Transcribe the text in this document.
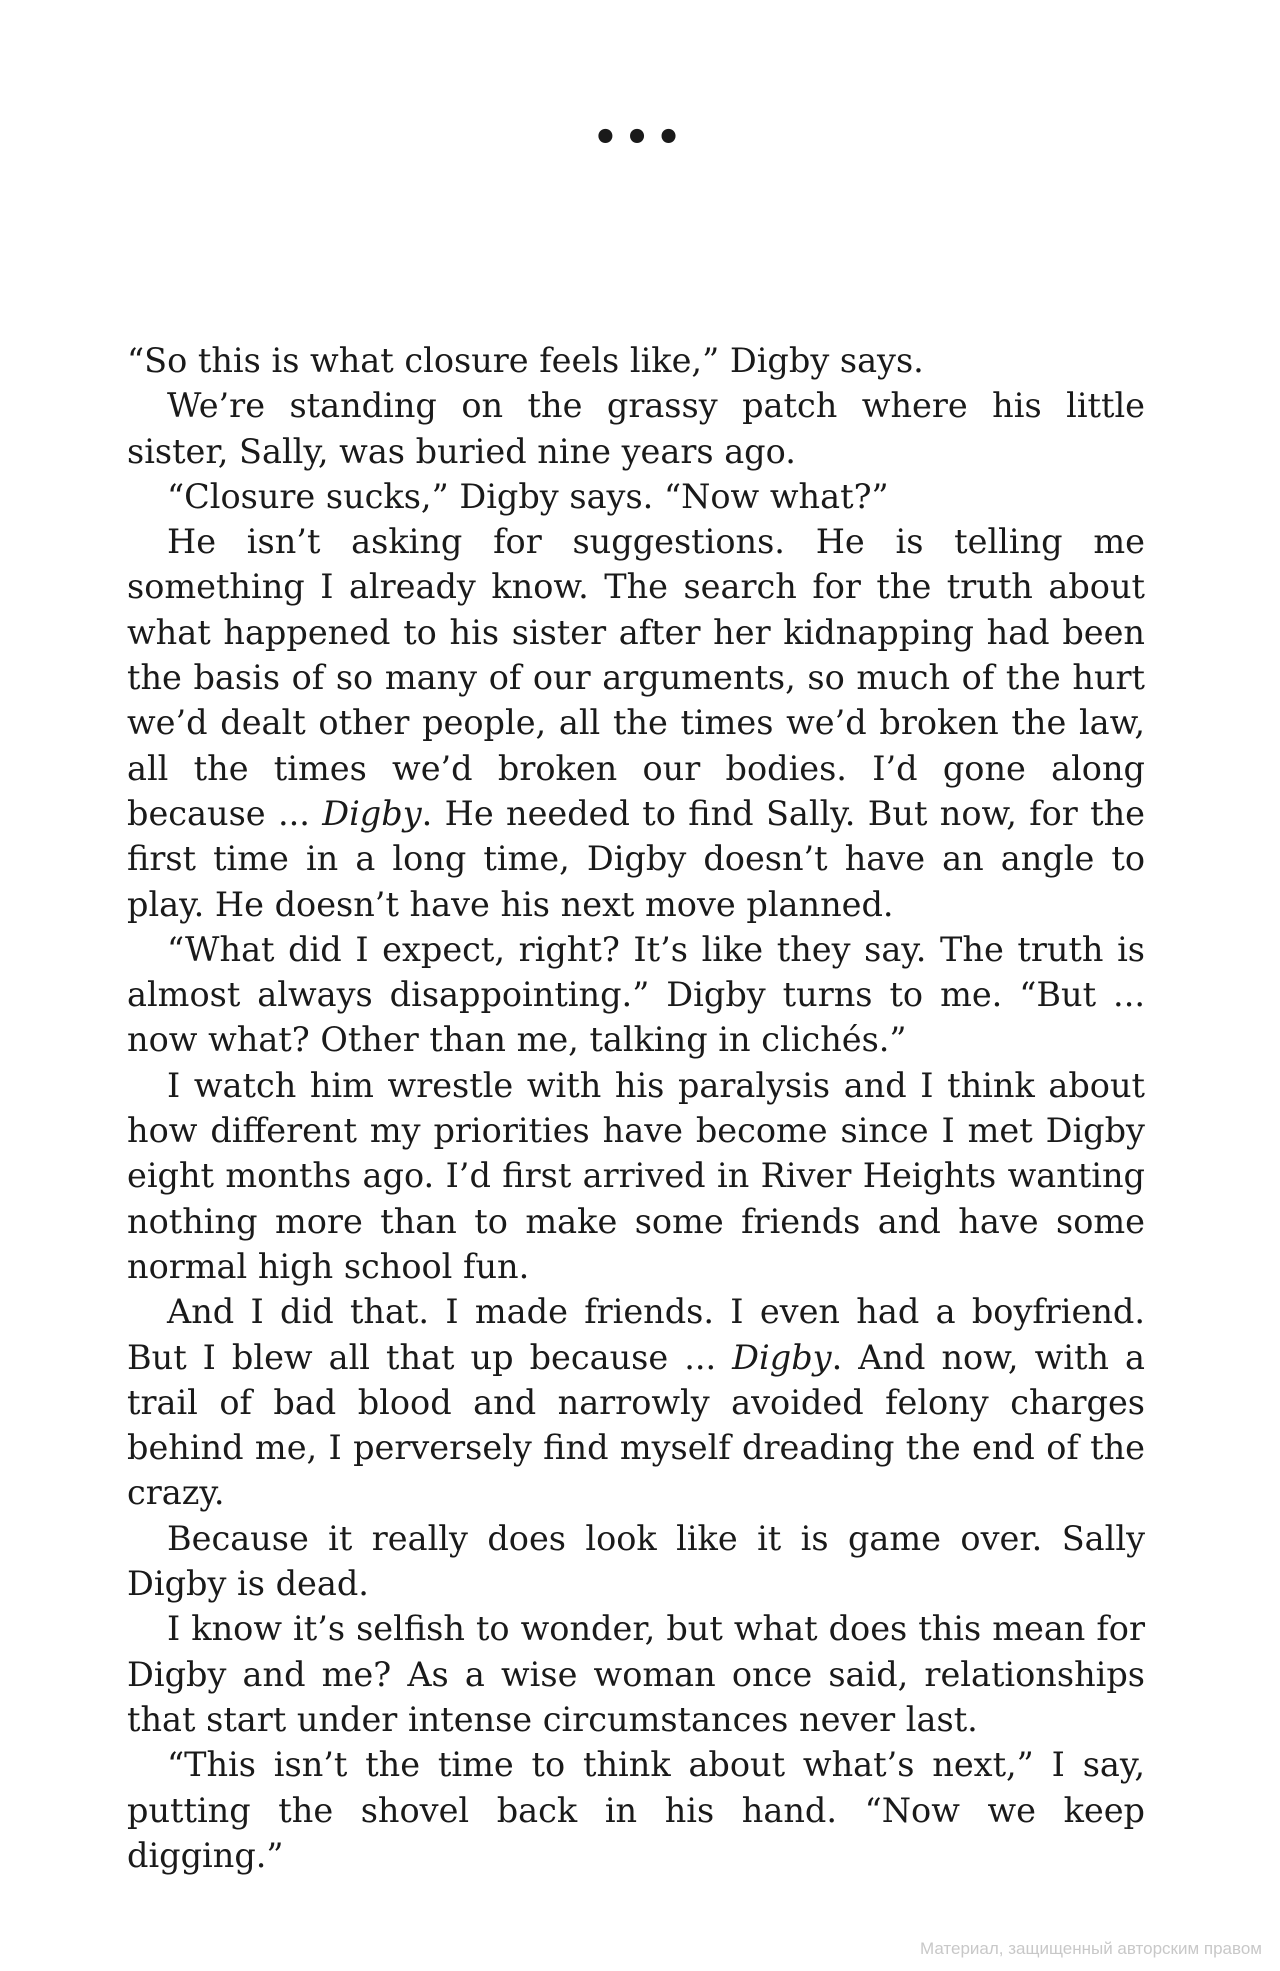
•••

“So this is what closure feels like,” Digby says.

We’re standing on the grassy patch where his little sister, Sally, was buried nine years ago.

“Closure sucks,” Digby says. “Now what?”

He isn’t asking for suggestions. He is telling me something I already know. The search for the truth about what happened to his sister after her kidnapping had been the basis of so many of our arguments, so much of the hurt we’d dealt other people, all the times we’d broken the law, all the times we’d broken our bodies. I’d gone along because ... Digby. He needed to find Sally. But now, for the first time in a long time, Digby doesn’t have an angle to play. He doesn’t have his next move planned.

“What did I expect, right? It’s like they say. The truth is almost always disappointing.” Digby turns to me. “But ... now what? Other than me, talking in clichés.”

I watch him wrestle with his paralysis and I think about how different my priorities have become since I met Digby eight months ago. I’d first arrived in River Heights wanting nothing more than to make some friends and have some normal high school fun.

And I did that. I made friends. I even had a boyfriend. But I blew all that up because ... Digby. And now, with a trail of bad blood and narrowly avoided felony charges behind me, I perversely find myself dreading the end of the crazy.

Because it really does look like it is game over. Sally Digby is dead.

I know it’s selfish to wonder, but what does this mean for Digby and me? As a wise woman once said, relationships that start under intense circumstances never last.

“This isn’t the time to think about what’s next,” I say, putting the shovel back in his hand. “Now we keep digging.”

Материал, защищенный авторским правом
